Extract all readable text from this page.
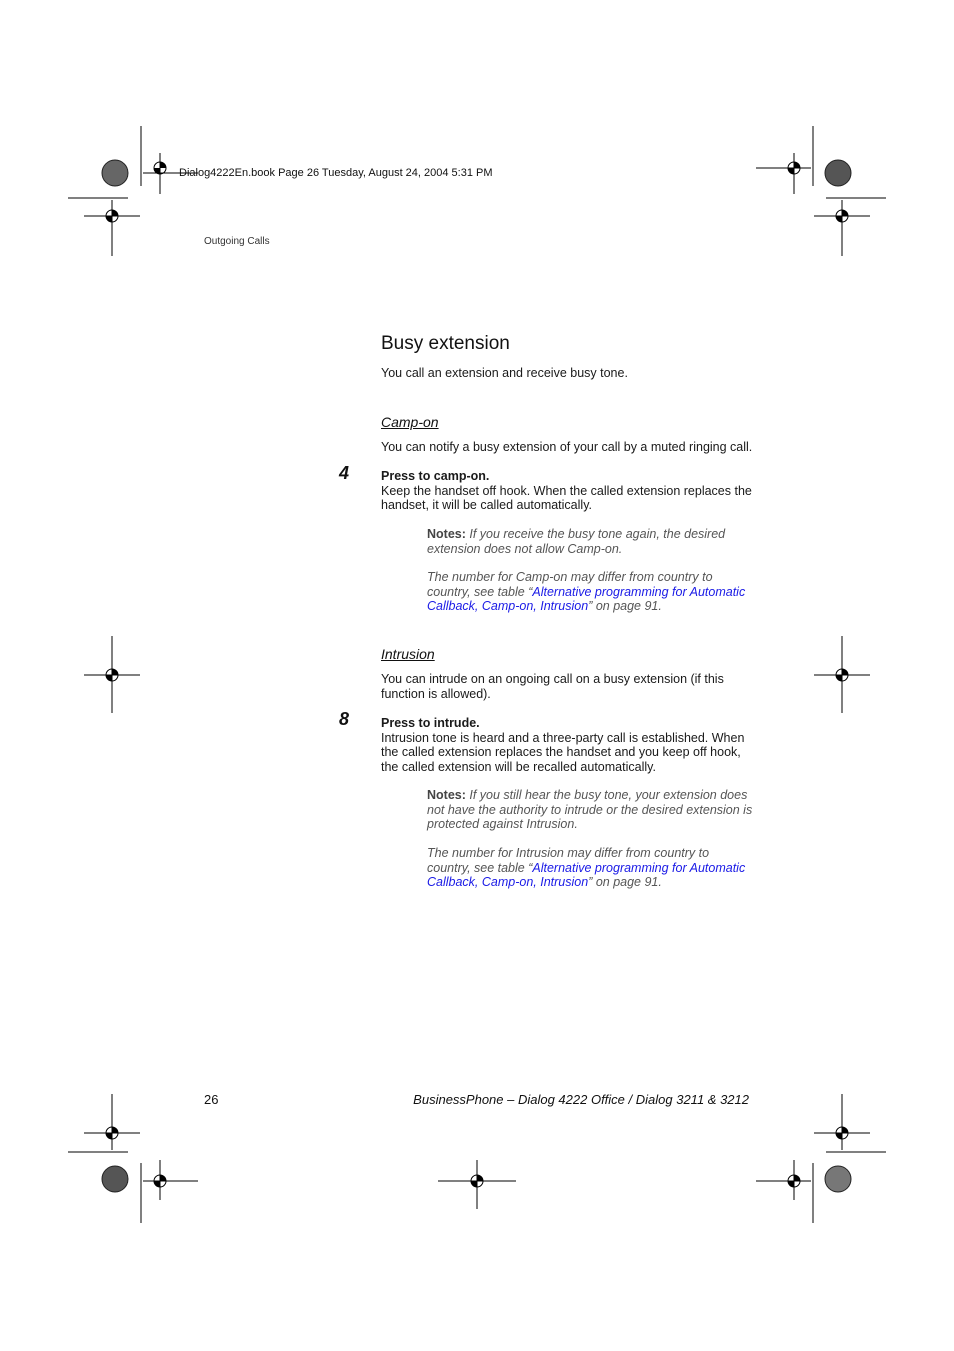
Dialog4222En.book Page 26 Tuesday, August 24, 2004 5:31 PM
Outgoing Calls
Busy extension
You call an extension and receive busy tone.
Camp-on
You can notify a busy extension of your call by a muted ringing call.
4	Press to camp-on.
Keep the handset off hook. When the called extension replaces the handset, it will be called automatically.
Notes: If you receive the busy tone again, the desired extension does not allow Camp-on.
The number for Camp-on may differ from country to country, see table “Alternative programming for Automatic Callback, Camp-on, Intrusion” on page 91.
Intrusion
You can intrude on an ongoing call on a busy extension (if this function is allowed).
8	Press to intrude.
Intrusion tone is heard and a three-party call is established. When the called extension replaces the handset and you keep off hook, the called extension will be recalled automatically.
Notes: If you still hear the busy tone, your extension does not have the authority to intrude or the desired extension is protected against Intrusion.
The number for Intrusion may differ from country to country, see table “Alternative programming for Automatic Callback, Camp-on, Intrusion” on page 91.
26	BusinessPhone – Dialog 4222 Office / Dialog 3211 & 3212
